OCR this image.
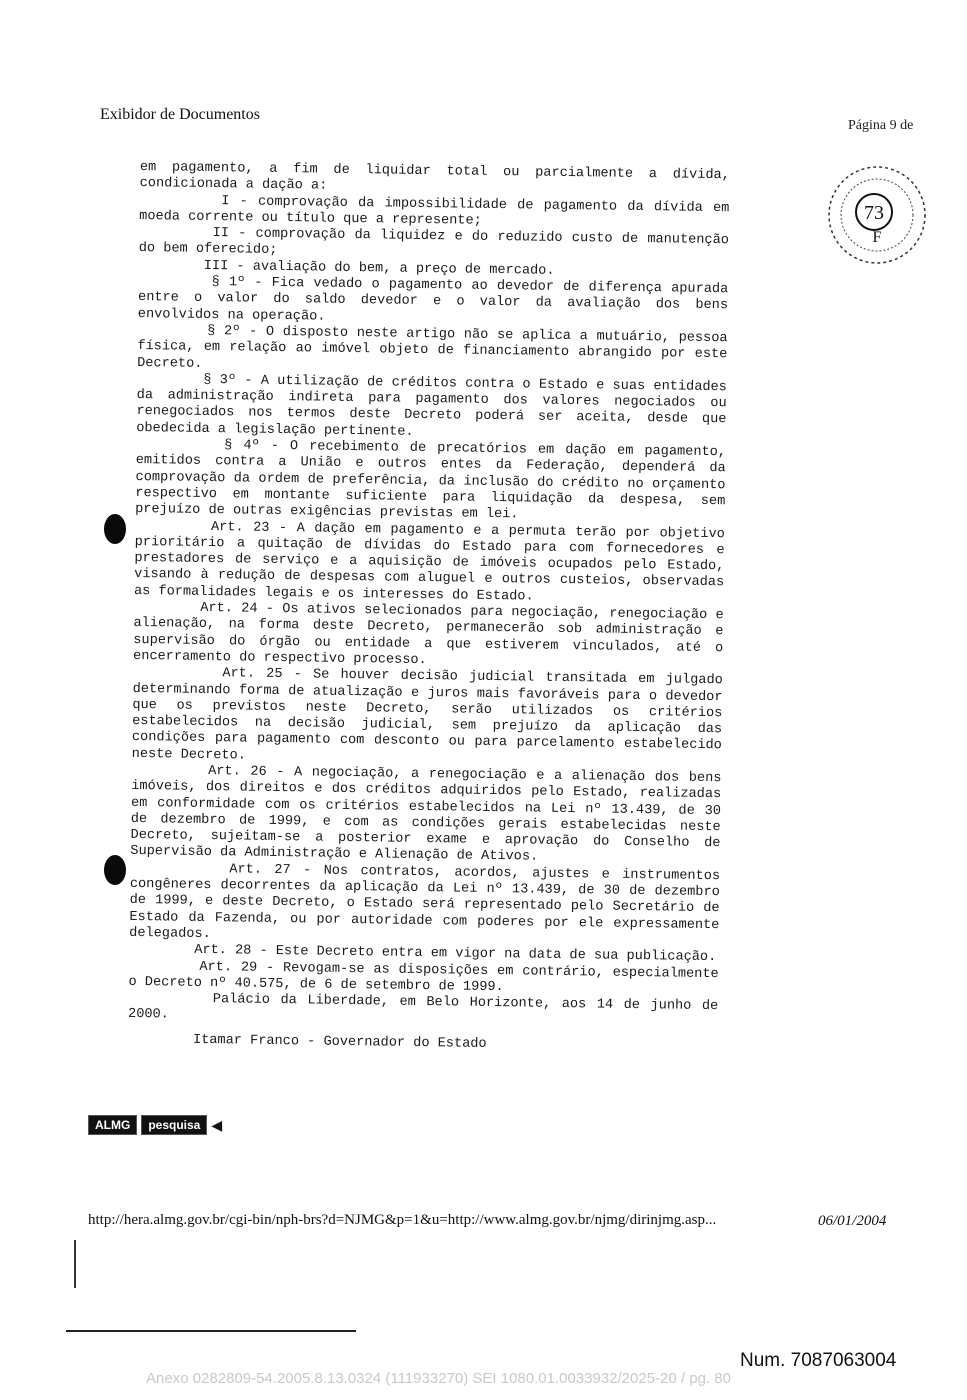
Exibidor de Documentos
Página 9 de
73
F

em pagamento, a fim de liquidar total ou parcialmente a dívida, condicionada a dação a:

I - comprovação da impossibilidade de pagamento da dívida em moeda corrente ou título que a represente;

II - comprovação da liquidez e do reduzido custo de manutenção do bem oferecido;

III - avaliação do bem, a preço de mercado.

§ 1º - Fica vedado o pagamento ao devedor de diferença apurada entre o valor do saldo devedor e o valor da avaliação dos bens envolvidos na operação.

§ 2º - O disposto neste artigo não se aplica a mutuário, pessoa física, em relação ao imóvel objeto de financiamento abrangido por este Decreto.

§ 3º - A utilização de créditos contra o Estado e suas entidades da administração indireta para pagamento dos valores negociados ou renegociados nos termos deste Decreto poderá ser aceita, desde que obedecida a legislação pertinente.

§ 4º - O recebimento de precatórios em dação em pagamento, emitidos contra a União e outros entes da Federação, dependerá da comprovação da ordem de preferência, da inclusão do crédito no orçamento respectivo em montante suficiente para liquidação da despesa, sem prejuízo de outras exigências previstas em lei.

Art. 23 - A dação em pagamento e a permuta terão por objetivo prioritário a quitação de dívidas do Estado para com fornecedores e prestadores de serviço e a aquisição de imóveis ocupados pelo Estado, visando à redução de despesas com aluguel e outros custeios, observadas as formalidades legais e os interesses do Estado.

Art. 24 - Os ativos selecionados para negociação, renegociação e alienação, na forma deste Decreto, permanecerão sob administração e supervisão do órgão ou entidade a que estiverem vinculados, até o encerramento do respectivo processo.

Art. 25 - Se houver decisão judicial transitada em julgado determinando forma de atualização e juros mais favoráveis para o devedor que os previstos neste Decreto, serão utilizados os critérios estabelecidos na decisão judicial, sem prejuízo da aplicação das condições para pagamento com desconto ou para parcelamento estabelecido neste Decreto.

Art. 26 - A negociação, a renegociação e a alienação dos bens imóveis, dos direitos e dos créditos adquiridos pelo Estado, realizadas em conformidade com os critérios estabelecidos na Lei nº 13.439, de 30 de dezembro de 1999, e com as condições gerais estabelecidas neste Decreto, sujeitam-se a posterior exame e aprovação do Conselho de Supervisão da Administração e Alienação de Ativos.

Art. 27 - Nos contratos, acordos, ajustes e instrumentos congêneres decorrentes da aplicação da Lei nº 13.439, de 30 de dezembro de 1999, e deste Decreto, o Estado será representado pelo Secretário de Estado da Fazenda, ou por autoridade com poderes por ele expressamente delegados.

Art. 28 - Este Decreto entra em vigor na data de sua publicação.

Art. 29 - Revogam-se as disposições em contrário, especialmente o Decreto nº 40.575, de 6 de setembro de 1999.

Palácio da Liberdade, em Belo Horizonte, aos 14 de junho de 2000.

Itamar Franco - Governador do Estado

ALMG	pesquisa ◀
http://hera.almg.gov.br/cgi-bin/nph-brs?d=NJMG&p=1&u=http://www.almg.gov.br/njmg/dirinjmg.asp...	06/01/2004
Num. 7087063004
Anexo 0282809-54.2005.8.13.0324 (111933270) SEI 1080.01.0033932/2025-20 / pg. 80
